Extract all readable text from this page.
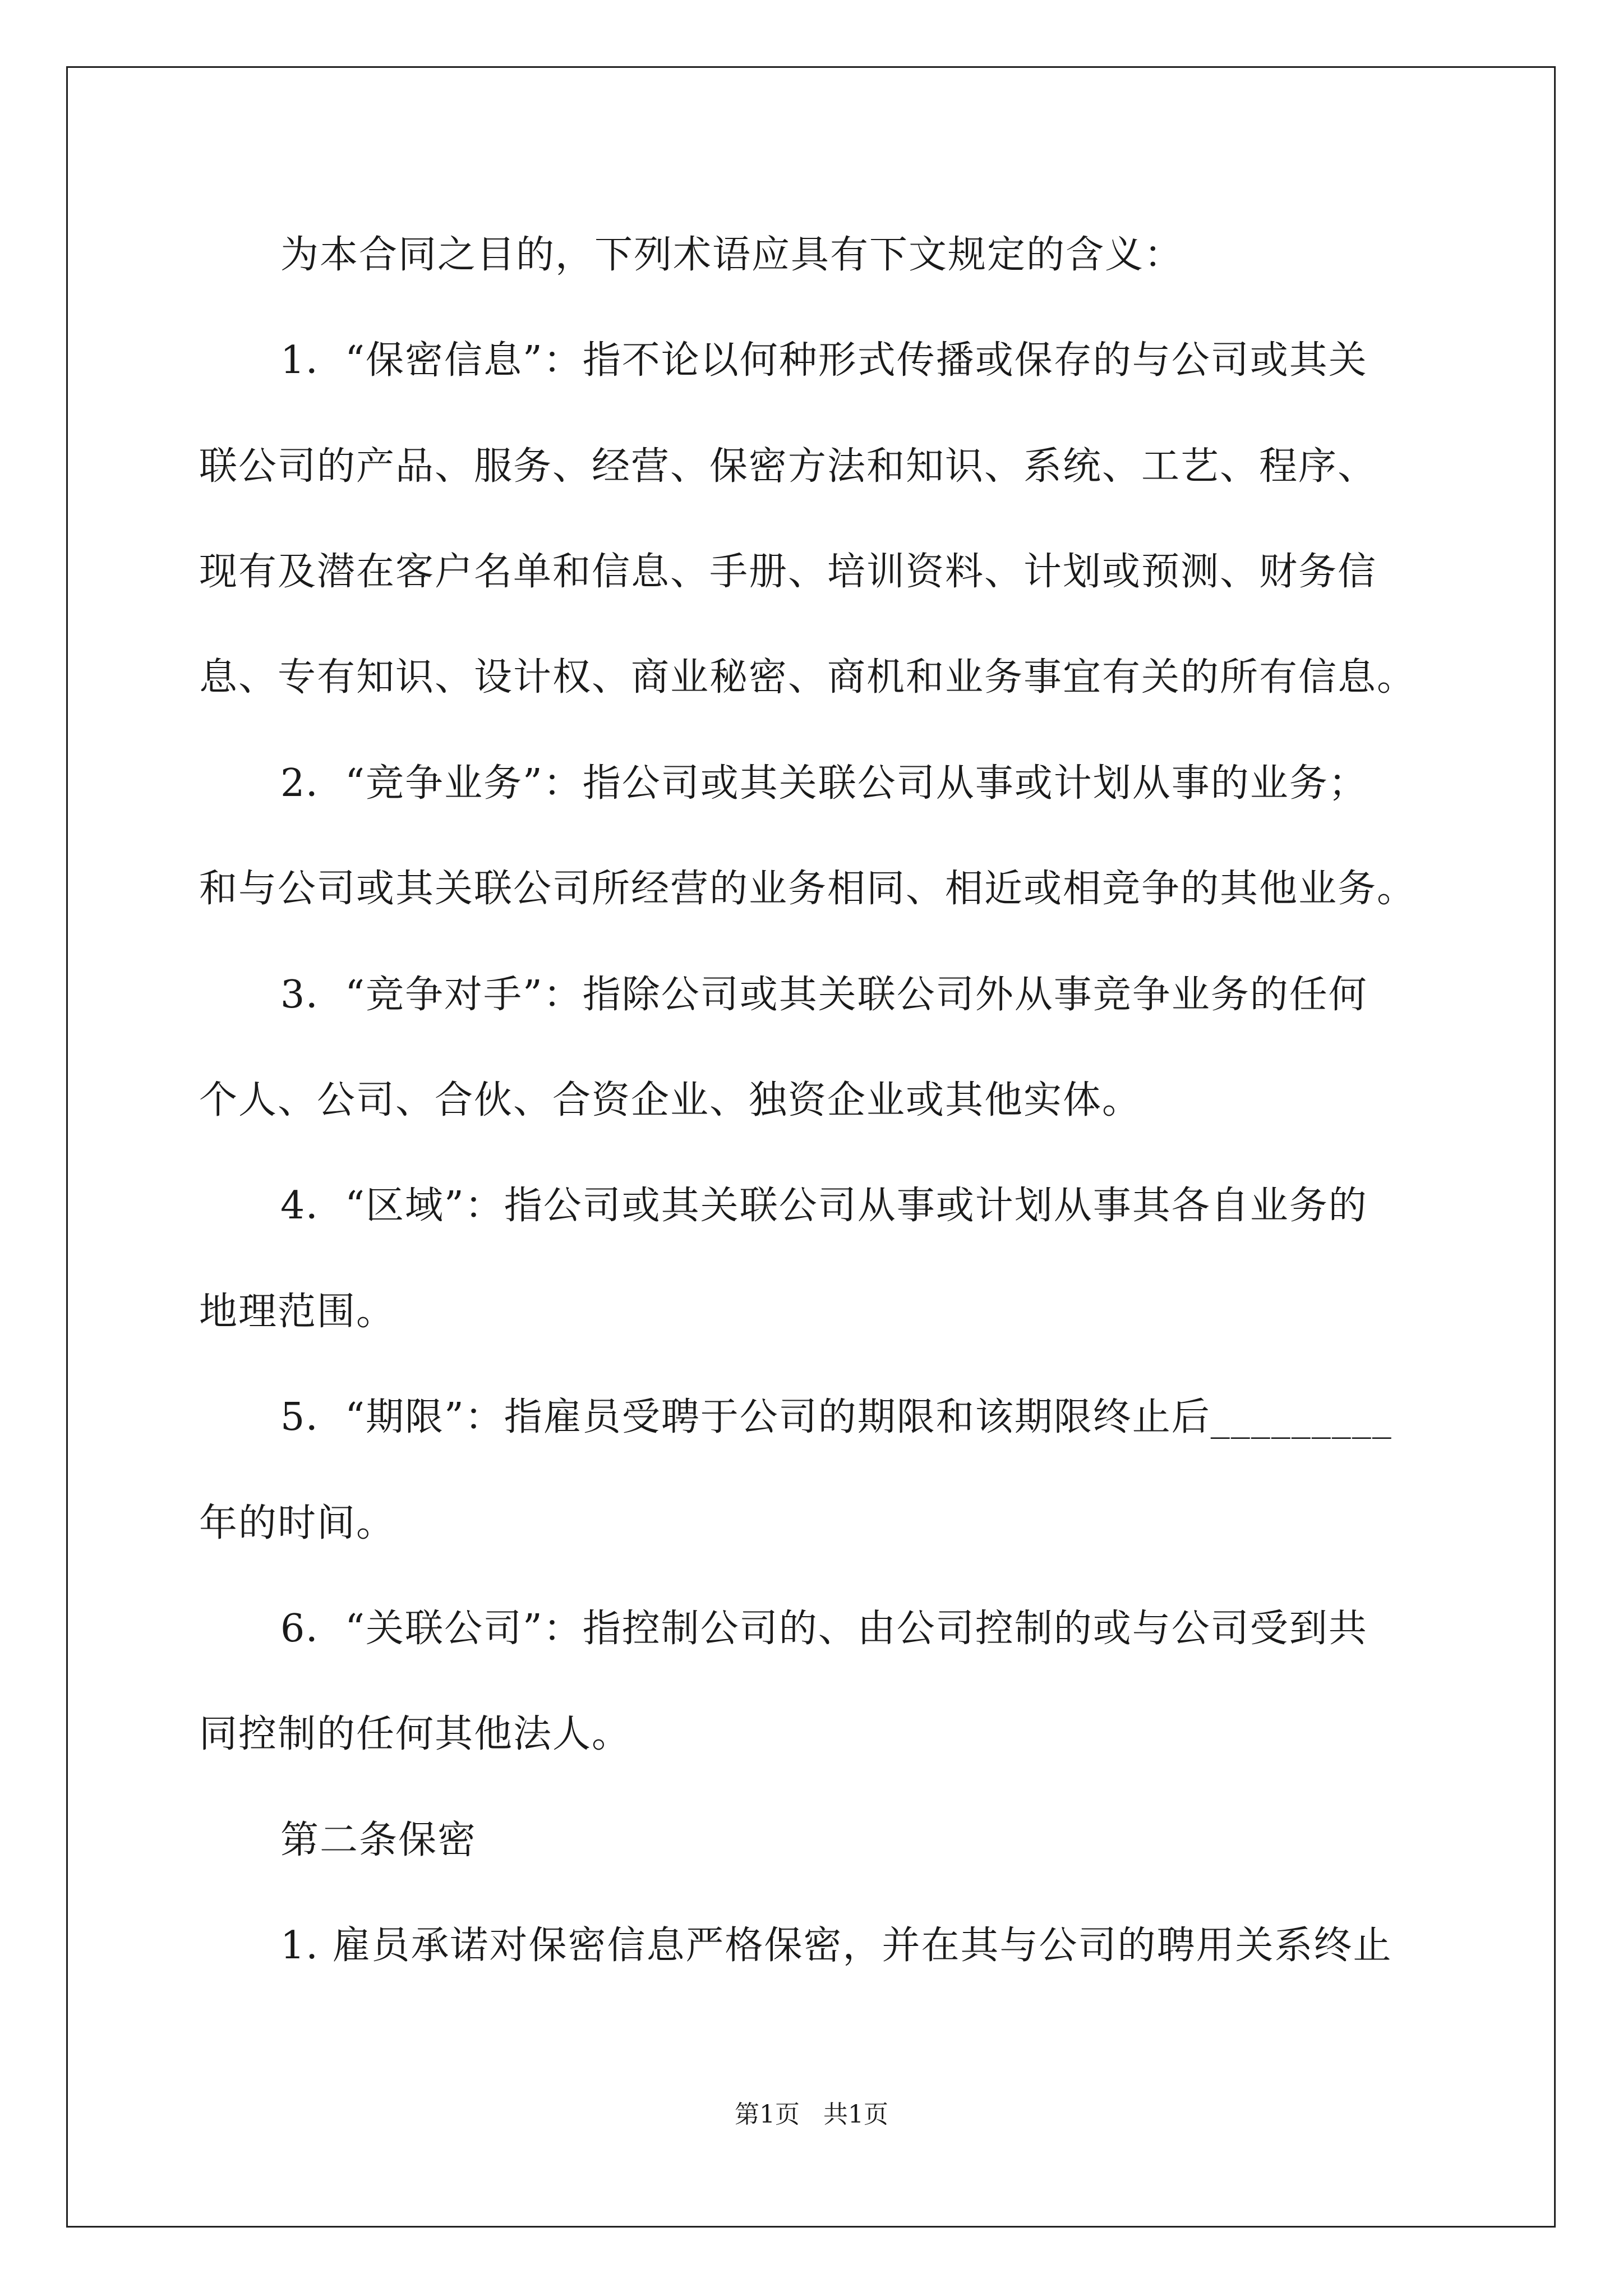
为本合同之目的，下列术语应具有下文规定的含义：
1．“保密信息”：指不论以何种形式传播或保存的与公司或其关
联公司的产品、服务、经营、保密方法和知识、系统、工艺、程序、
现有及潜在客户名单和信息、手册、培训资料、计划或预测、财务信
息、专有知识、设计权、商业秘密、商机和业务事宜有关的所有信息。
2．“竞争业务”：指公司或其关联公司从事或计划从事的业务；
和与公司或其关联公司所经营的业务相同、相近或相竞争的其他业务。
3．“竞争对手”：指除公司或其关联公司外从事竞争业务的任何
个人、公司、合伙、合资企业、独资企业或其他实体。
4．“区域”：指公司或其关联公司从事或计划从事其各自业务的
地理范围。
5．“期限”：指雇员受聘于公司的期限和该期限终止后_________
年的时间。
6．“关联公司”：指控制公司的、由公司控制的或与公司受到共
同控制的任何其他法人。
第二条保密
1. 雇员承诺对保密信息严格保密，并在其与公司的聘用关系终止
第1页 共1页
